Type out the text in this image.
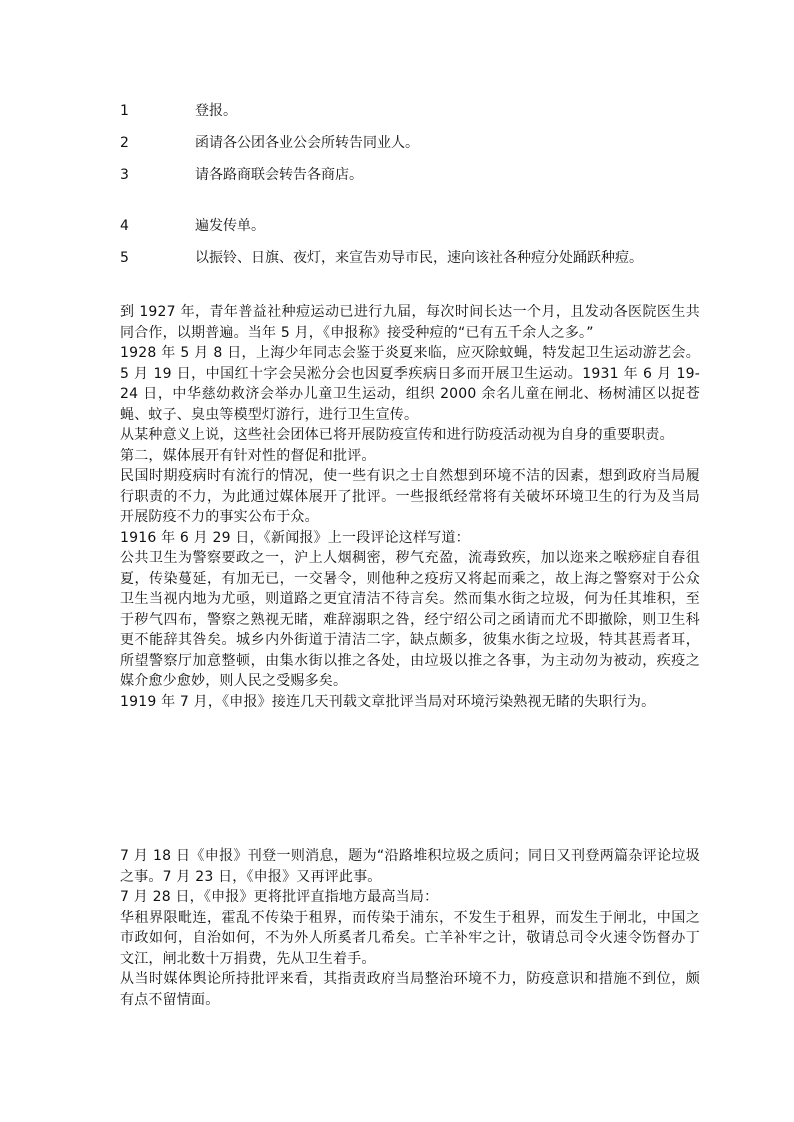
1	登报。
2	函请各公团各业公会所转告同业人。
3	请各路商联会转告各商店。
4	遍发传单。
5	以振铃、日旗、夜灯，来宣告劝导市民，速向该社各种痘分处踊跃种痘。

到 1927 年，青年普益社种痘运动已进行九届，每次时间长达一个月，且发动各医院医生共同合作，以期普遍。当年 5 月，《申报称》接受种痘的“已有五千余人之多。”

1928 年 5 月 8 日，上海少年同志会鉴于炎夏来临，应灭除蚊蝇，特发起卫生运动游艺会。5 月 19 日，中国红十字会吴淞分会也因夏季疾病日多而开展卫生运动。1931 年 6 月 19-24 日，中华慈幼救济会举办儿童卫生运动，组织 2000 余名儿童在闸北、杨树浦区以捉苍蝇、蚊子、臭虫等模型灯游行，进行卫生宣传。

从某种意义上说，这些社会团体已将开展防疫宣传和进行防疫活动视为自身的重要职责。

第二，媒体展开有针对性的督促和批评。

民国时期疫病时有流行的情况，使一些有识之士自然想到环境不洁的因素，想到政府当局履行职责的不力，为此通过媒体展开了批评。一些报纸经常将有关破坏环境卫生的行为及当局开展防疫不力的事实公布于众。

1916 年 6 月 29 日，《新闻报》上一段评论这样写道：

公共卫生为警察要政之一，沪上人烟稠密，秽气充盈，流毒致疾，加以迩来之喉痧症自春徂夏，传染蔓延，有加无已，一交暑令，则他种之疫疠又将起而乘之，故上海之警察对于公众卫生当视内地为尤亟，则道路之更宜清洁不待言矣。然而集水街之垃圾，何为任其堆积，至于秽气四布，警察之熟视无睹，难辞溺职之咎，经宁绍公司之函请而尤不即撤除，则卫生科更不能辞其咎矣。城乡内外街道于清洁二字，缺点颇多，彼集水街之垃圾，特其甚焉者耳，所望警察厅加意整顿，由集水街以推之各处，由垃圾以推之各事，为主动勿为被动，疾疫之媒介愈少愈妙，则人民之受赐多矣。

1919 年 7 月，《申报》接连几天刊载文章批评当局对环境污染熟视无睹的失职行为。

7 月 18 日《申报》刊登一则消息，题为“沿路堆积垃圾之质问；同日又刊登两篇杂评论垃圾之事。7 月 23 日，《申报》又再评此事。

7 月 28 日，《申报》更将批评直指地方最高当局：

华租界限毗连，霍乱不传染于租界，而传染于浦东，不发生于租界，而发生于闸北，中国之市政如何，自治如何，不为外人所奚者几希矣。亡羊补牢之计，敬请总司令火速令饬督办丁文江，闸北数十万捐费，先从卫生着手。

从当时媒体舆论所持批评来看，其指责政府当局整治环境不力，防疫意识和措施不到位，颇有点不留情面。
